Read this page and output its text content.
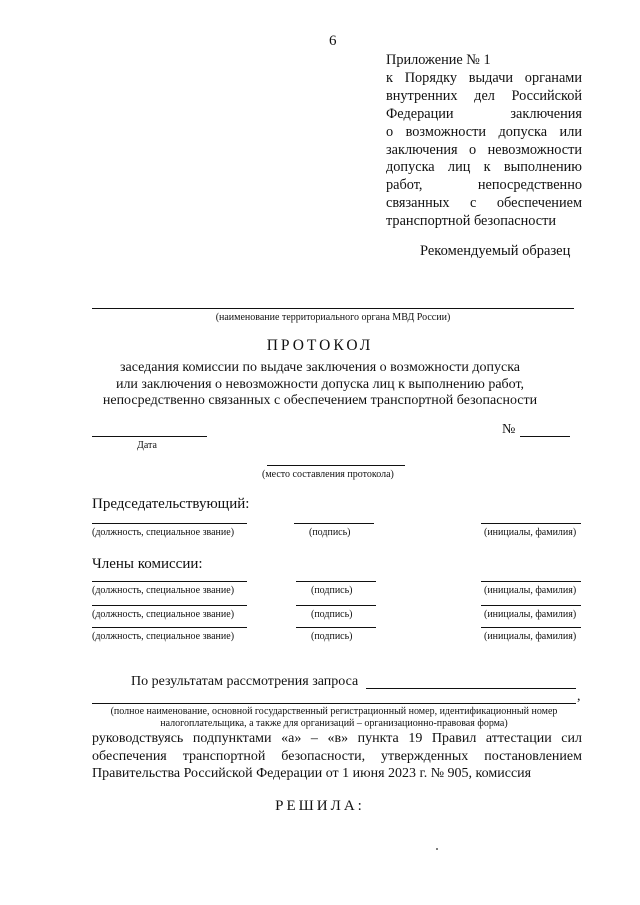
6
Приложение № 1
к Порядку выдачи органами
внутренних дел Российской
Федерации заключения
о возможности допуска или
заключения о невозможности
допуска лиц к выполнению
работ, непосредственно
связанных с обеспечением
транспортной безопасности
Рекомендуемый образец
(наименование территориального органа МВД России)
ПРОТОКОЛ
заседания комиссии по выдаче заключения о возможности допуска
или заключения о невозможности допуска лиц к выполнению работ,
непосредственно связанных с обеспечением транспортной безопасности
Дата
№
(место составления протокола)
Председательствующий:
(должность, специальное звание)	(подпись)	(инициалы, фамилия)
Члены комиссии:
(должность, специальное звание)	(подпись)	(инициалы, фамилия)
(должность, специальное звание)	(подпись)	(инициалы, фамилия)
(должность, специальное звание)	(подпись)	(инициалы, фамилия)
По результатам рассмотрения запроса
,
(полное наименование, основной государственный регистрационный номер, идентификационный номер
налогоплательщика, а также для организаций – организационно-правовая форма)
руководствуясь подпунктами «а» – «в» пункта 19 Правил аттестации сил
обеспечения транспортной безопасности, утвержденных постановлением
Правительства Российской Федерации от 1 июня 2023 г. № 905, комиссия
РЕШИЛА:
